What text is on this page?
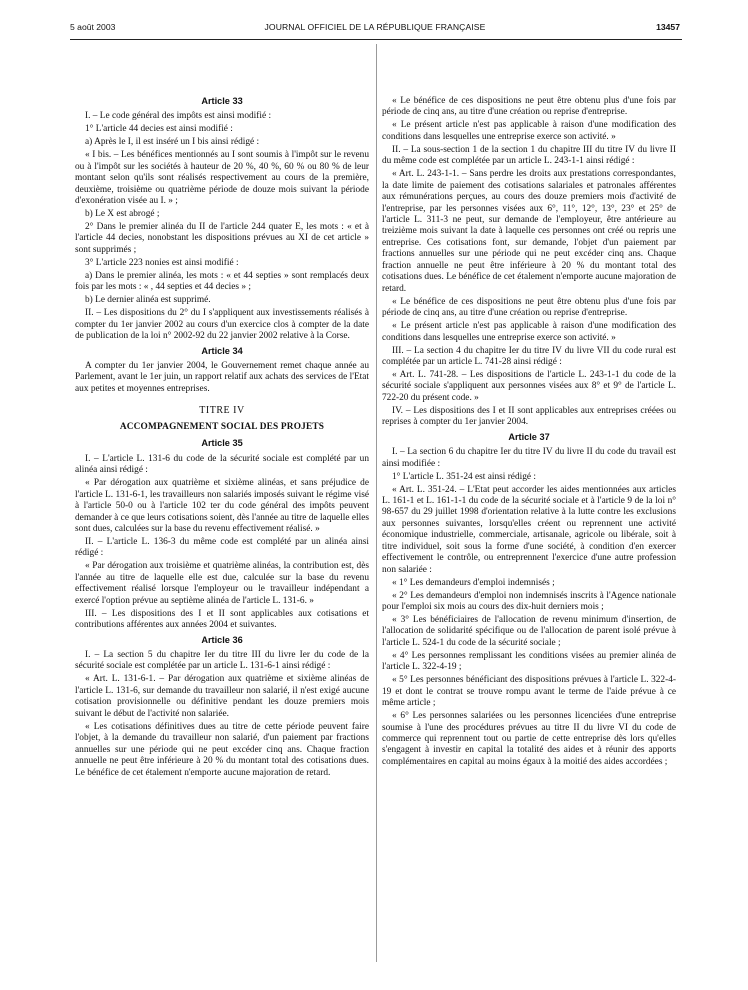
5 août 2003	JOURNAL OFFICIEL DE LA RÉPUBLIQUE FRANÇAISE	13457
Article 33

I. – Le code général des impôts est ainsi modifié :

1° L'article 44 decies est ainsi modifié :

a) Après le I, il est inséré un I bis ainsi rédigé :

« I bis. – Les bénéfices mentionnés au I sont soumis à l'impôt sur le revenu ou à l'impôt sur les sociétés à hauteur de 20 %, 40 %, 60 % ou 80 % de leur montant selon qu'ils sont réalisés respectivement au cours de la première, deuxième, troisième ou quatrième période de douze mois suivant la période d'exonération visée au I. » ;

b) Le X est abrogé ;

2° Dans le premier alinéa du II de l'article 244 quater E, les mots : « et à l'article 44 decies, nonobstant les dispositions prévues au XI de cet article » sont supprimés ;

3° L'article 223 nonies est ainsi modifié :

a) Dans le premier alinéa, les mots : « et 44 septies » sont remplacés deux fois par les mots : « , 44 septies et 44 decies » ;

b) Le dernier alinéa est supprimé.

II. – Les dispositions du 2° du I s'appliquent aux investissements réalisés à compter du 1er janvier 2002 au cours d'un exercice clos à compter de la date de publication de la loi n° 2002-92 du 22 janvier 2002 relative à la Corse.

Article 34

A compter du 1er janvier 2004, le Gouvernement remet chaque année au Parlement, avant le 1er juin, un rapport relatif aux achats des services de l'Etat aux petites et moyennes entreprises.

TITRE IV
ACCOMPAGNEMENT SOCIAL DES PROJETS
Article 35

I. – L'article L. 131-6 du code de la sécurité sociale est complété par un alinéa ainsi rédigé :

« Par dérogation aux quatrième et sixième alinéas, et sans préjudice de l'article L. 131-6-1, les travailleurs non salariés imposés suivant le régime visé à l'article 50-0 ou à l'article 102 ter du code général des impôts peuvent demander à ce que leurs cotisations soient, dès l'année au titre de laquelle elles sont dues, calculées sur la base du revenu effectivement réalisé. »

II. – L'article L. 136-3 du même code est complété par un alinéa ainsi rédigé :

« Par dérogation aux troisième et quatrième alinéas, la contribution est, dès l'année au titre de laquelle elle est due, calculée sur la base du revenu effectivement réalisé lorsque l'employeur ou le travailleur indépendant a exercé l'option prévue au septième alinéa de l'article L. 131-6. »

III. – Les dispositions des I et II sont applicables aux cotisations et contributions afférentes aux années 2004 et suivantes.

Article 36

I. – La section 5 du chapitre Ier du titre III du livre Ier du code de la sécurité sociale est complétée par un article L. 131-6-1 ainsi rédigé :

« Art. L. 131-6-1. – Par dérogation aux quatrième et sixième alinéas de l'article L. 131-6, sur demande du travailleur non salarié, il n'est exigé aucune cotisation provisionnelle ou définitive pendant les douze premiers mois suivant le début de l'activité non salariée.

« Les cotisations définitives dues au titre de cette période peuvent faire l'objet, à la demande du travailleur non salarié, d'un paiement par fractions annuelles sur une période qui ne peut excéder cinq ans. Chaque fraction annuelle ne peut être inférieure à 20 % du montant total des cotisations dues. Le bénéfice de cet étalement n'emporte aucune majoration de retard.

« Le bénéfice de ces dispositions ne peut être obtenu plus d'une fois par période de cinq ans, au titre d'une création ou reprise d'entreprise.

« Le présent article n'est pas applicable à raison d'une modification des conditions dans lesquelles une entreprise exerce son activité. »

II. – La sous-section 1 de la section 1 du chapitre III du titre IV du livre II du même code est complétée par un article L. 243-1-1 ainsi rédigé :

« Art. L. 243-1-1. – Sans perdre les droits aux prestations correspondantes, la date limite de paiement des cotisations salariales et patronales afférentes aux rémunérations perçues, au cours des douze premiers mois d'activité de l'entreprise, par les personnes visées aux 6°, 11°, 12°, 13°, 23° et 25° de l'article L. 311-3 ne peut, sur demande de l'employeur, être antérieure au treizième mois suivant la date à laquelle ces personnes ont créé ou repris une entreprise. Ces cotisations font, sur demande, l'objet d'un paiement par fractions annuelles sur une période qui ne peut excéder cinq ans. Chaque fraction annuelle ne peut être inférieure à 20 % du montant total des cotisations dues. Le bénéfice de cet étalement n'emporte aucune majoration de retard.

« Le bénéfice de ces dispositions ne peut être obtenu plus d'une fois par période de cinq ans, au titre d'une création ou reprise d'entreprise.

« Le présent article n'est pas applicable à raison d'une modification des conditions dans lesquelles une entreprise exerce son activité. »

III. – La section 4 du chapitre Ier du titre IV du livre VII du code rural est complétée par un article L. 741-28 ainsi rédigé :

« Art. L. 741-28. – Les dispositions de l'article L. 243-1-1 du code de la sécurité sociale s'appliquent aux personnes visées aux 8° et 9° de l'article L. 722-20 du présent code. »

IV. – Les dispositions des I et II sont applicables aux entreprises créées ou reprises à compter du 1er janvier 2004.

Article 37

I. – La section 6 du chapitre Ier du titre IV du livre II du code du travail est ainsi modifiée :

1° L'article L. 351-24 est ainsi rédigé :

« Art. L. 351-24. – L'Etat peut accorder les aides mentionnées aux articles L. 161-1 et L. 161-1-1 du code de la sécurité sociale et à l'article 9 de la loi n° 98-657 du 29 juillet 1998 d'orientation relative à la lutte contre les exclusions aux personnes suivantes, lorsqu'elles créent ou reprennent une activité économique industrielle, commerciale, artisanale, agricole ou libérale, soit à titre individuel, soit sous la forme d'une société, à condition d'en exercer effectivement le contrôle, ou entreprennent l'exercice d'une autre profession non salariée :

« 1° Les demandeurs d'emploi indemnisés ;

« 2° Les demandeurs d'emploi non indemnisés inscrits à l'Agence nationale pour l'emploi six mois au cours des dix-huit derniers mois ;

« 3° Les bénéficiaires de l'allocation de revenu minimum d'insertion, de l'allocation de solidarité spécifique ou de l'allocation de parent isolé prévue à l'article L. 524-1 du code de la sécurité sociale ;

« 4° Les personnes remplissant les conditions visées au premier alinéa de l'article L. 322-4-19 ;

« 5° Les personnes bénéficiant des dispositions prévues à l'article L. 322-4-19 et dont le contrat se trouve rompu avant le terme de l'aide prévue à ce même article ;

« 6° Les personnes salariées ou les personnes licenciées d'une entreprise soumise à l'une des procédures prévues au titre II du livre VI du code de commerce qui reprennent tout ou partie de cette entreprise dès lors qu'elles s'engagent à investir en capital la totalité des aides et à réunir des apports complémentaires en capital au moins égaux à la moitié des aides accordées ;
